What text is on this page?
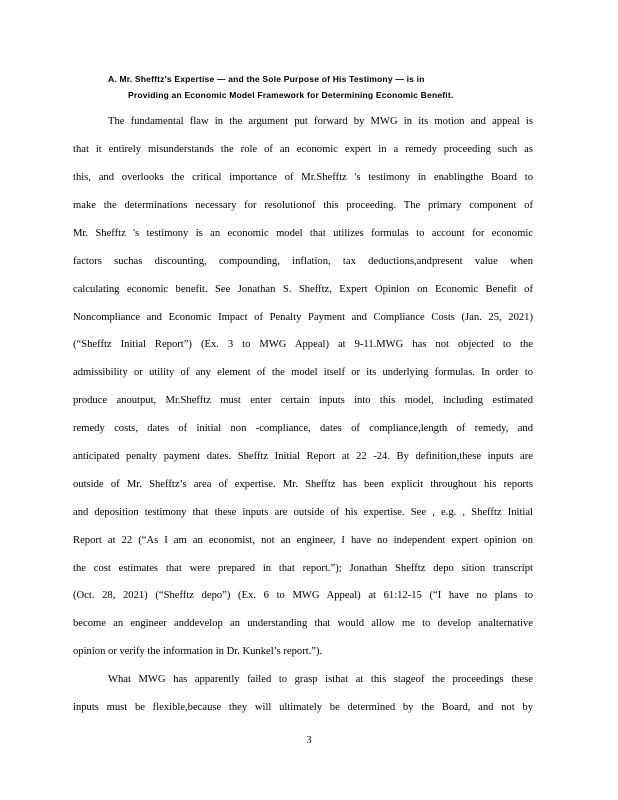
A. Mr. Shefftz's Expertise — and the Sole Purpose of His Testimony — is in
Providing an Economic Model Framework for Determining Economic Benefit.
The fundamental flaw in the argument put forward by MWG in its motion and appeal is
that it entirely misunderstands the role of an economic expert in a remedy proceeding such as
this, and overlooks the critical importance of Mr.Shefftz 's testimony in enablingthe Board to
make the determinations necessary for resolutionof this proceeding. The primary component of
Mr. Shefftz 's testimony is an economic model that utilizes formulas to account for economic
factors suchas discounting, compounding, inflation, tax deductions,andpresent value when
calculating economic benefit. See Jonathan S. Shefftz, Expert Opinion on Economic Benefit of
Noncompliance and Economic Impact of Penalty Payment and Compliance Costs (Jan. 25, 2021)
(“Shefftz Initial Report”) (Ex. 3 to MWG Appeal) at 9-11.MWG has not objected to the
admissibility or utility of any element of the model itself or its underlying formulas. In order to
produce anoutput, Mr.Shefftz must enter certain inputs into this model, including estimated
remedy costs, dates of initial non -compliance, dates of compliance,length of remedy, and
anticipated penalty payment dates. Shefftz Initial Report at 22 -24. By definition,these inputs are
outside of Mr. Shefftz’s area of expertise. Mr. Shefftz has been explicit throughout his reports
and deposition testimony that these inputs are outside of his expertise. See , e.g. , Shefftz Initial
Report at 22 (“As I am an economist, not an engineer, I have no independent expert opinion on
the cost estimates that were prepared in that report.”); Jonathan Shefftz depo sition transcript
(Oct. 28, 2021) (“Shefftz depo”) (Ex. 6 to MWG Appeal) at 61:12-15 (“I have no plans to
become an engineer anddevelop an understanding that would allow me to develop analternative
opinion or verify the information in Dr. Kunkel’s report.”).
What MWG has apparently failed to grasp isthat at this stageof the proceedings these
inputs must be flexible,because they will ultimately be determined by the Board, and not by
3
